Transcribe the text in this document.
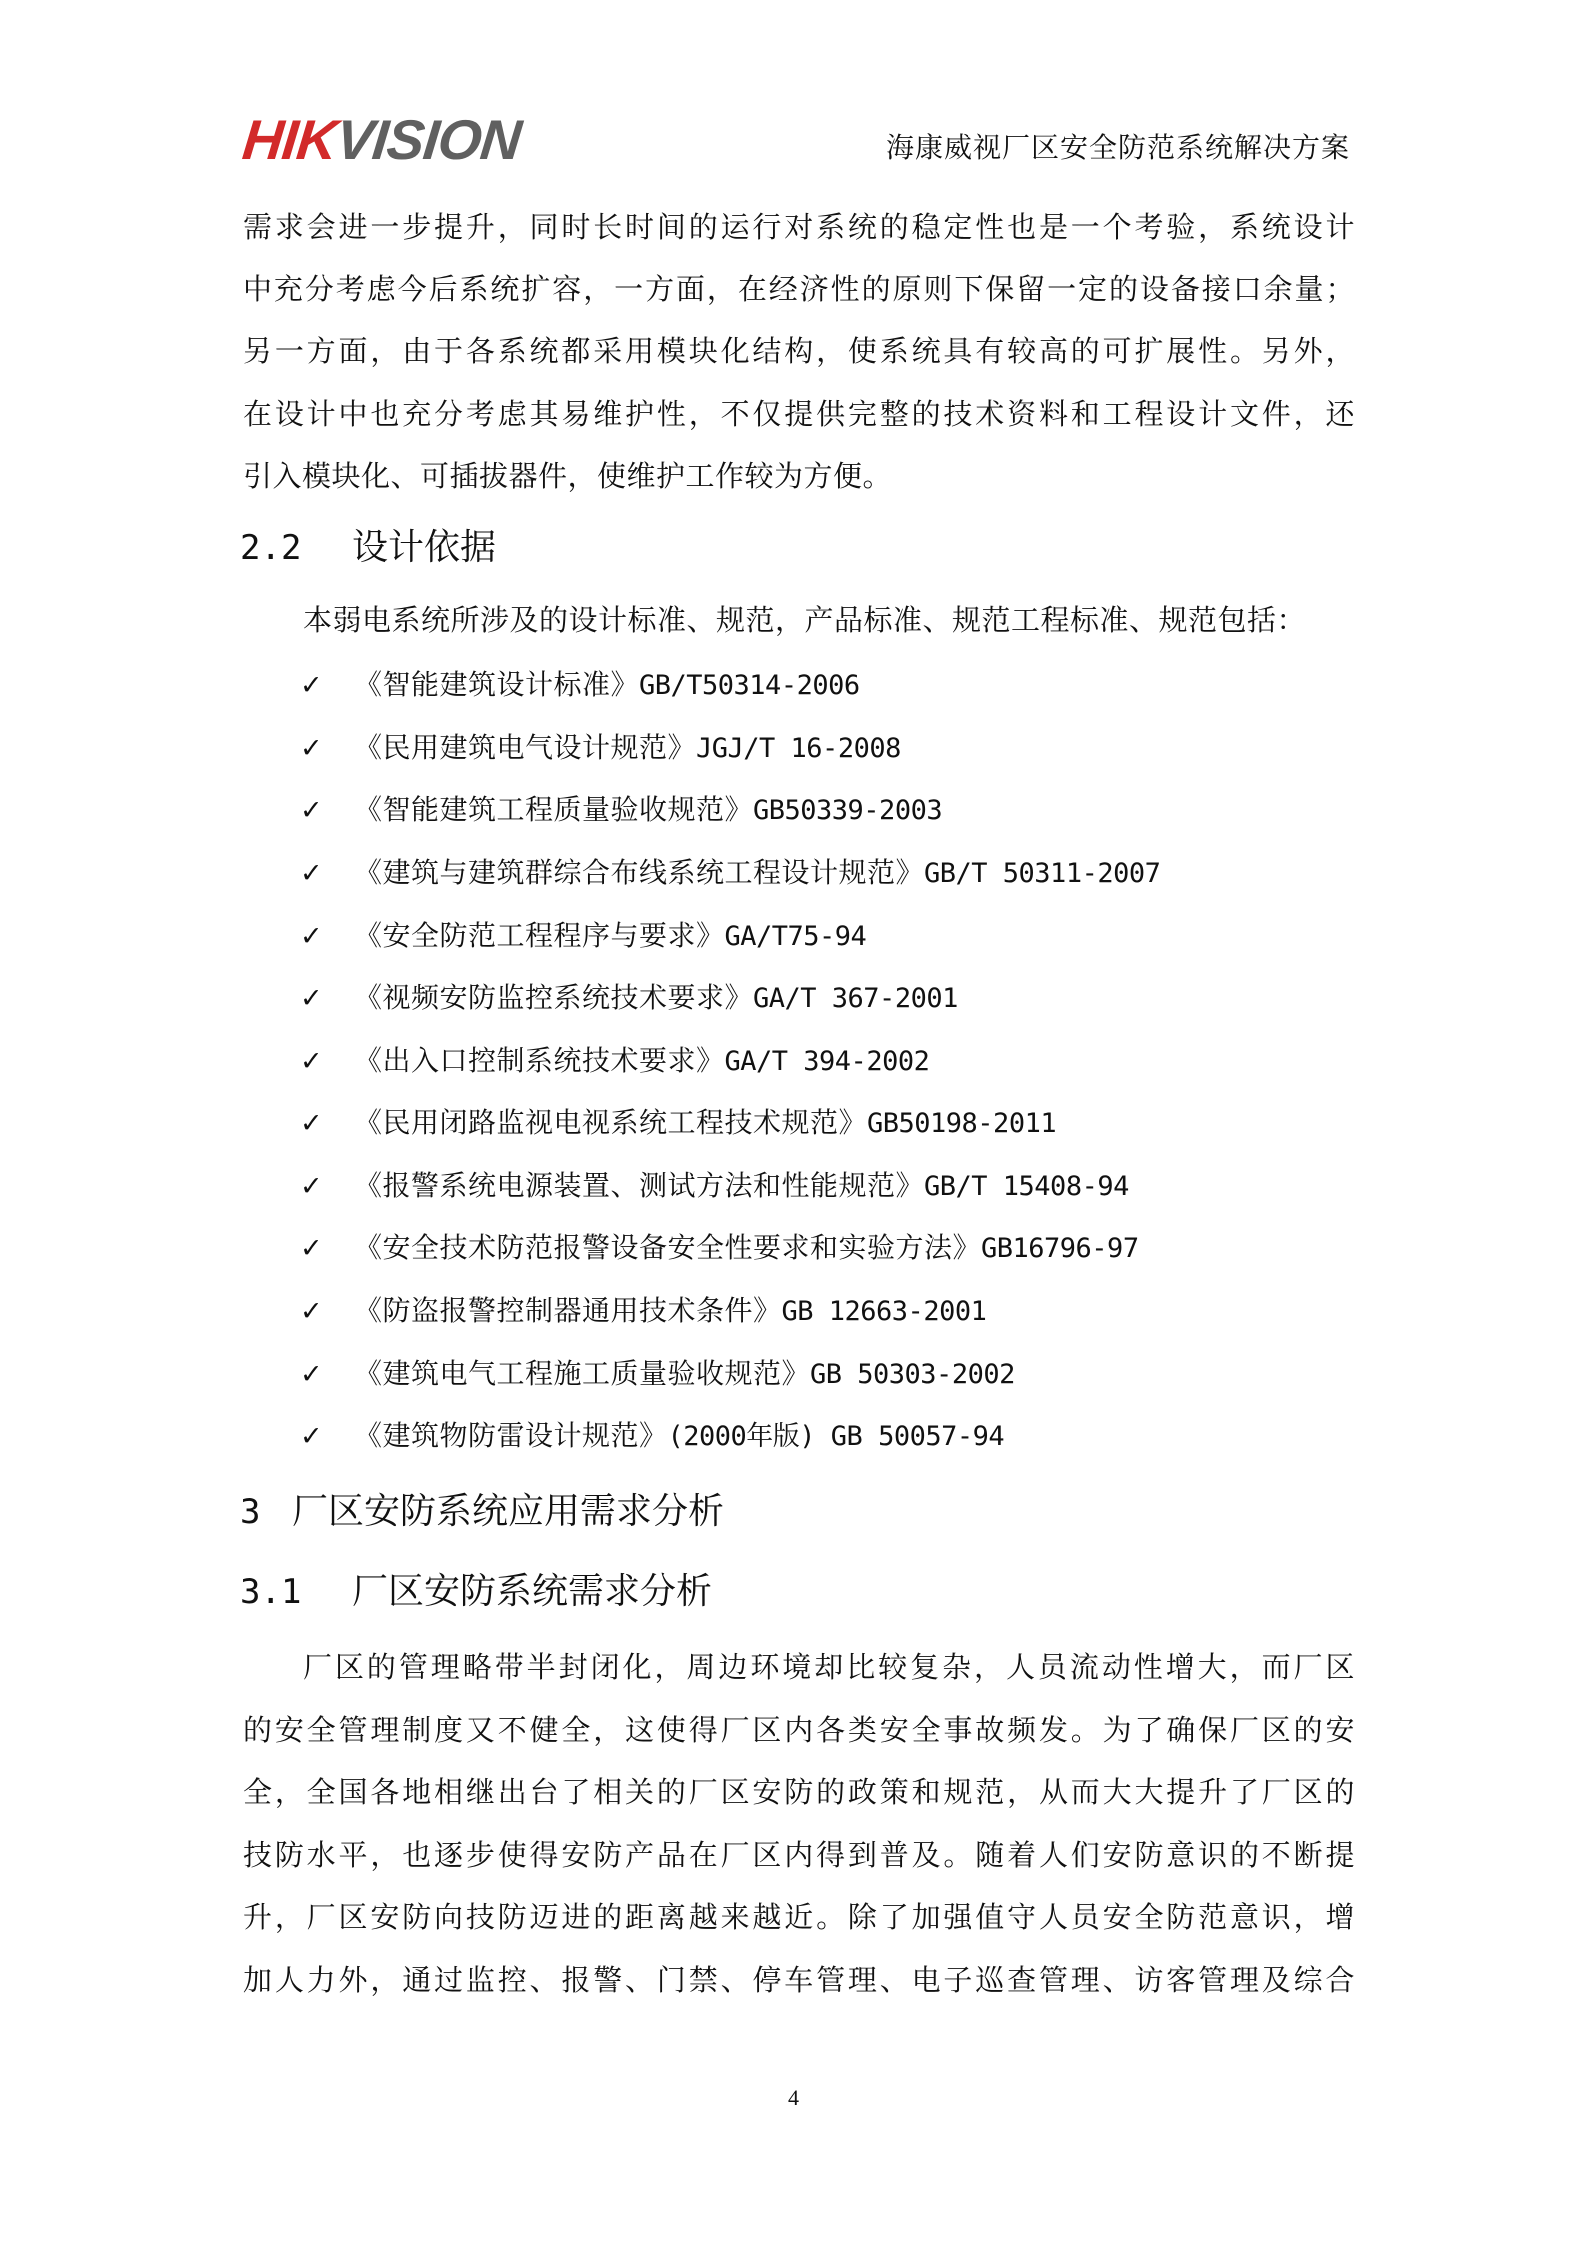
HIKVISION	海康威视厂区安全防范系统解决方案
需求会进一步提升，同时长时间的运行对系统的稳定性也是一个考验，系统设计
中充分考虑今后系统扩容，一方面，在经济性的原则下保留一定的设备接口余量；
另一方面，由于各系统都采用模块化结构，使系统具有较高的可扩展性。另外，
在设计中也充分考虑其易维护性，不仅提供完整的技术资料和工程设计文件，还
引入模块化、可插拔器件，使维护工作较为方便。
2.2 设计依据
本弱电系统所涉及的设计标准、规范，产品标准、规范工程标准、规范包括：
✓ 《智能建筑设计标准》GB/T50314-2006
✓ 《民用建筑电气设计规范》JGJ/T 16-2008
✓ 《智能建筑工程质量验收规范》GB50339-2003
✓ 《建筑与建筑群综合布线系统工程设计规范》GB/T 50311-2007
✓ 《安全防范工程程序与要求》GA/T75-94
✓ 《视频安防监控系统技术要求》GA/T 367-2001
✓ 《出入口控制系统技术要求》GA/T 394-2002
✓ 《民用闭路监视电视系统工程技术规范》GB50198-2011
✓ 《报警系统电源装置、测试方法和性能规范》GB/T 15408-94
✓ 《安全技术防范报警设备安全性要求和实验方法》GB16796-97
✓ 《防盗报警控制器通用技术条件》GB 12663-2001
✓ 《建筑电气工程施工质量验收规范》GB 50303-2002
✓ 《建筑物防雷设计规范》(2000年版) GB 50057-94
3 厂区安防系统应用需求分析
3.1 厂区安防系统需求分析
厂区的管理略带半封闭化，周边环境却比较复杂，人员流动性增大，而厂区
的安全管理制度又不健全，这使得厂区内各类安全事故频发。为了确保厂区的安
全，全国各地相继出台了相关的厂区安防的政策和规范，从而大大提升了厂区的
技防水平，也逐步使得安防产品在厂区内得到普及。随着人们安防意识的不断提
升，厂区安防向技防迈进的距离越来越近。除了加强值守人员安全防范意识，增
加人力外，通过监控、报警、门禁、停车管理、电子巡查管理、访客管理及综合
4
